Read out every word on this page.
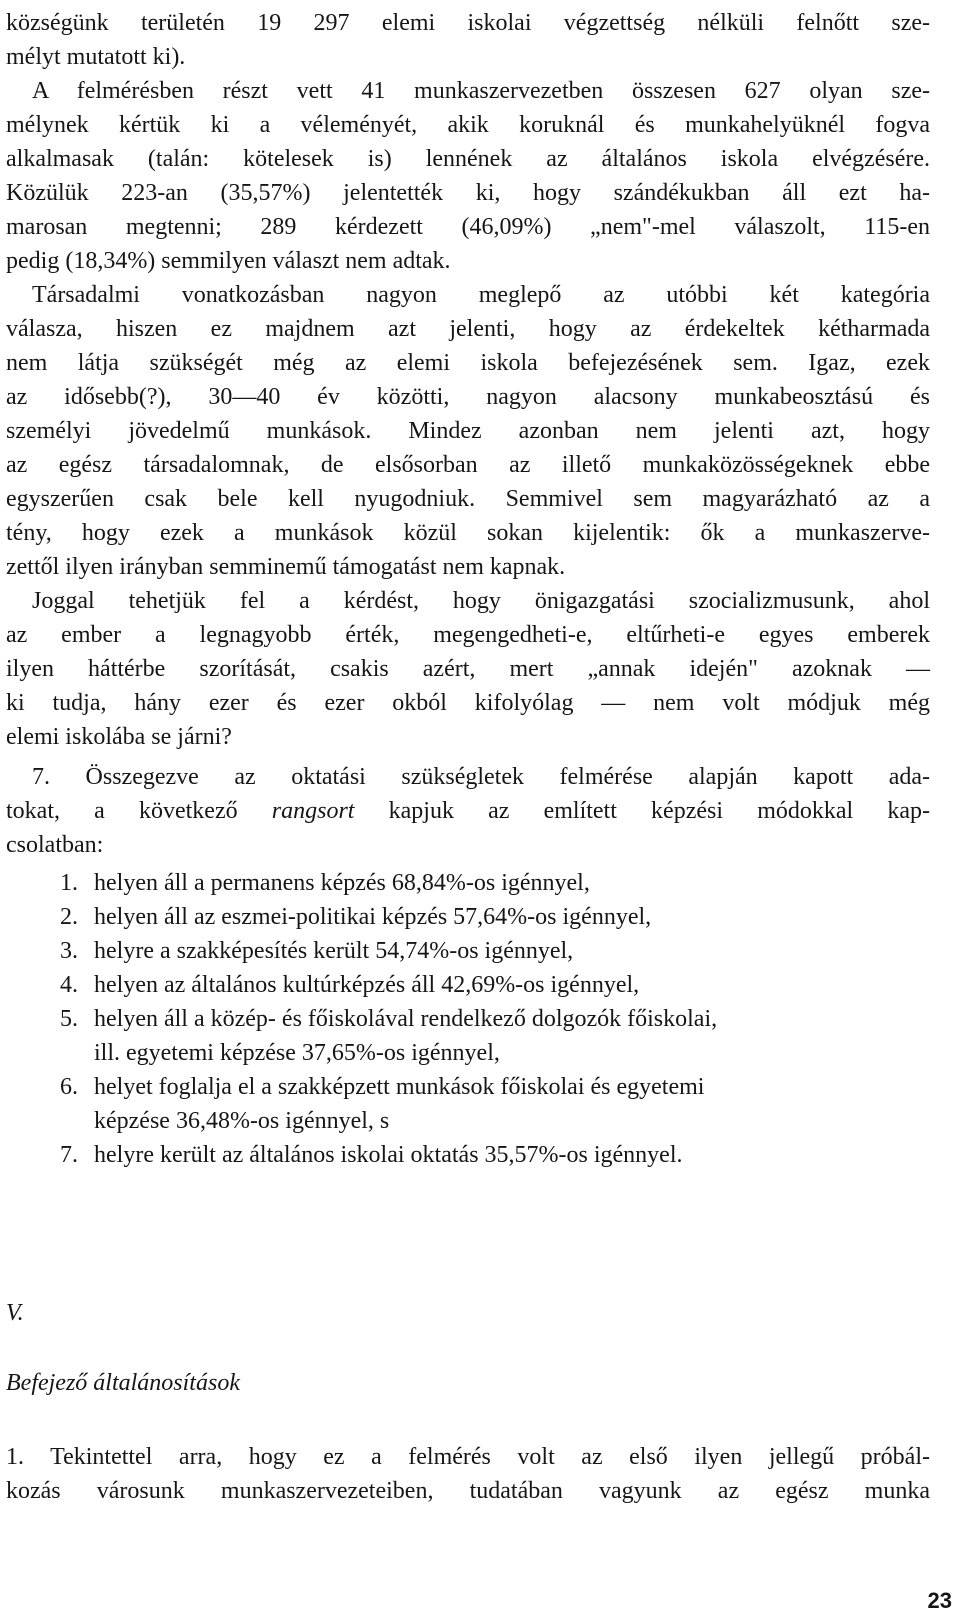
községünk területén 19 297 elemi iskolai végzettség nélküli felnőtt sze-
mélyt mutatott ki).
A felmérésben részt vett 41 munkaszervezetben összesen 627 olyan sze-
mélynek kértük ki a véleményét, akik koruknál és munkahelyüknél fogva
alkalmasak (talán: kötelesek is) lennének az általános iskola elvégzésére.
Közülük 223-an (35,57%) jelentették ki, hogy szándékukban áll ezt ha-
marosan megtenni; 289 kérdezett (46,09%) „nem"-mel válaszolt, 115-en
pedig (18,34%) semmilyen választ nem adtak.
Társadalmi vonatkozásban nagyon meglepő az utóbbi két kategória
válasza, hiszen ez majdnem azt jelenti, hogy az érdekeltek kétharmada
nem látja szükségét még az elemi iskola befejezésének sem. Igaz, ezek
az idősebb(?), 30—40 év közötti, nagyon alacsony munkabeosztású és
személyi jövedelmű munkások. Mindez azonban nem jelenti azt, hogy
az egész társadalomnak, de elsősorban az illető munkaközösségeknek ebbe
egyszerűen csak bele kell nyugodniuk. Semmivel sem magyarázható az a
tény, hogy ezek a munkások közül sokan kijelentik: ők a munkaszerve-
zettől ilyen irányban semminemű támogatást nem kapnak.
Joggal tehetjük fel a kérdést, hogy önigazgatási szocializmusunk, ahol
az ember a legnagyobb érték, megengedheti-e, eltűrheti-e egyes emberek
ilyen háttérbe szorítását, csakis azért, mert „annak idején" azoknak —
ki tudja, hány ezer és ezer okból kifolyólag — nem volt módjuk még
elemi iskolába se járni?
7. Összegezve az oktatási szükségletek felmérése alapján kapott ada-
tokat, a következő rangsort kapjuk az említett képzési módokkal kap-
csolatban:
1. helyen áll a permanens képzés 68,84%-os igénnyel,
2. helyen áll az eszmei-politikai képzés 57,64%-os igénnyel,
3. helyre a szakképesítés került 54,74%-os igénnyel,
4. helyen az általános kultúrképzés áll 42,69%-os igénnyel,
5. helyen áll a közép- és főiskolával rendelkező dolgozók főiskolai,
ill. egyetemi képzése 37,65%-os igénnyel,
6. helyet foglalja el a szakképzett munkások főiskolai és egyetemi
képzése 36,48%-os igénnyel, s
7. helyre került az általános iskolai oktatás 35,57%-os igénnyel.
V.
Befejező általánosítások
1. Tekintettel arra, hogy ez a felmérés volt az első ilyen jellegű próbál-
kozás városunk munkaszervezeteiben, tudatában vagyunk az egész munka
23
